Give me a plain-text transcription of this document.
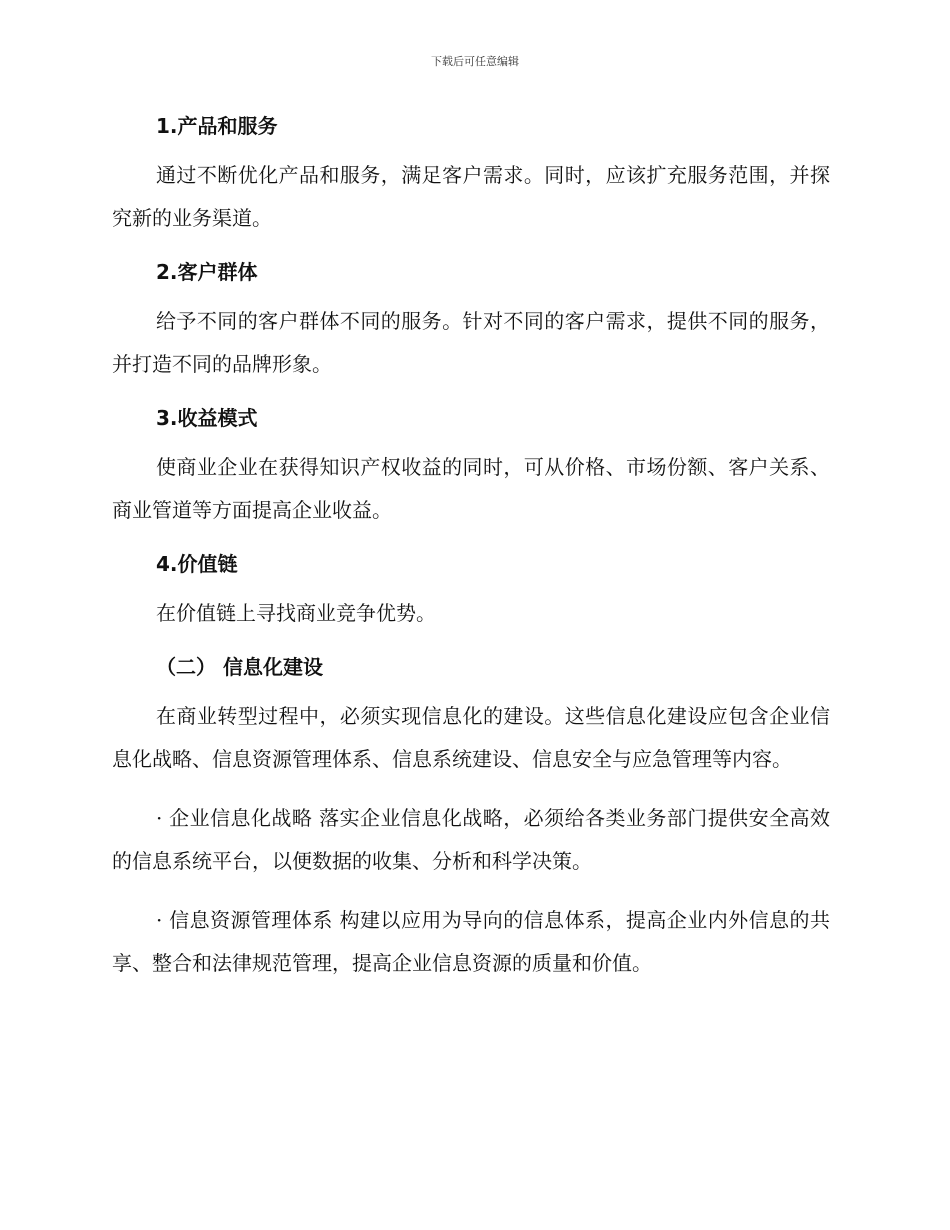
下载后可任意编辑
1.产品和服务

通过不断优化产品和服务，满足客户需求。同时，应该扩充服务范围，并探究新的业务渠道。

2.客户群体

给予不同的客户群体不同的服务。针对不同的客户需求，提供不同的服务，并打造不同的品牌形象。

3.收益模式

使商业企业在获得知识产权收益的同时，可从价格、市场份额、客户关系、商业管道等方面提高企业收益。

4.价值链

在价值链上寻找商业竞争优势。

（二） 信息化建设

在商业转型过程中，必须实现信息化的建设。这些信息化建设应包含企业信息化战略、信息资源管理体系、信息系统建设、信息安全与应急管理等内容。

· 企业信息化战略 落实企业信息化战略，必须给各类业务部门提供安全高效的信息系统平台，以便数据的收集、分析和科学决策。

· 信息资源管理体系 构建以应用为导向的信息体系，提高企业内外信息的共享、整合和法律规范管理，提高企业信息资源的质量和价值。
